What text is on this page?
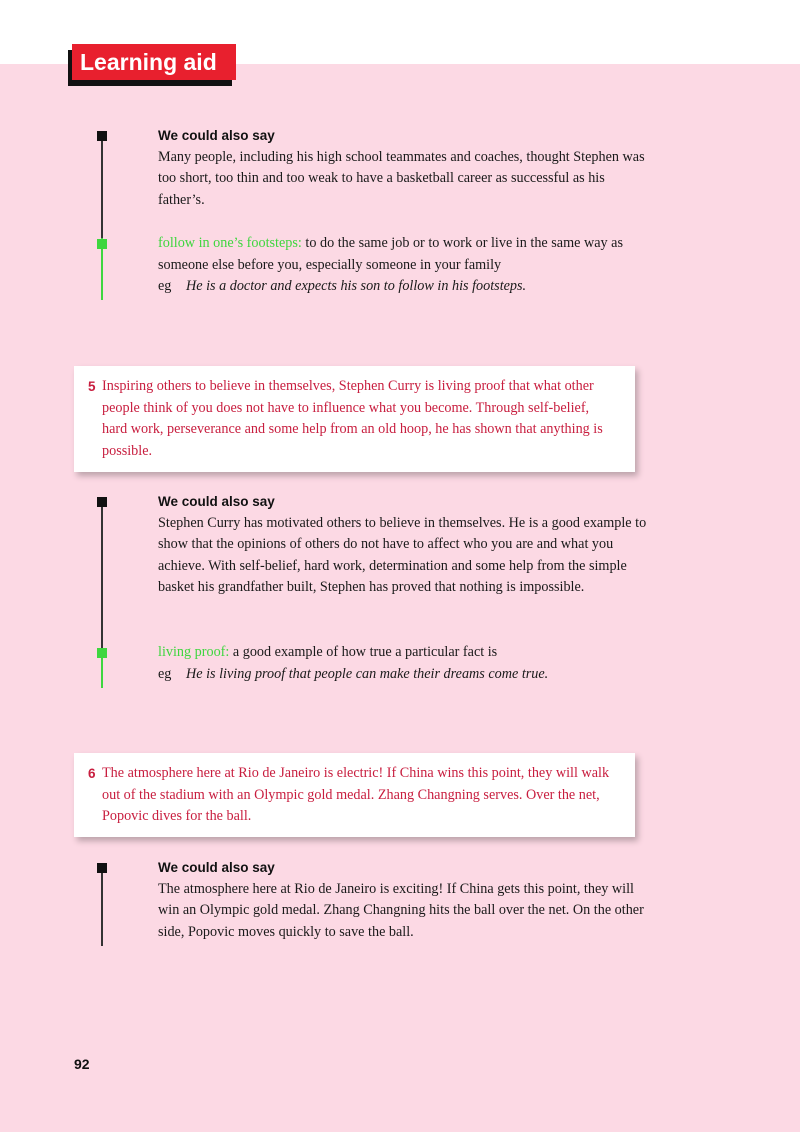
Learning aid
We could also say
Many people, including his high school teammates and coaches, thought Stephen was too short, too thin and too weak to have a basketball career as successful as his father’s.
follow in one’s footsteps: to do the same job or to work or live in the same way as someone else before you, especially someone in your family
eg He is a doctor and expects his son to follow in his footsteps.
5 Inspiring others to believe in themselves, Stephen Curry is living proof that what other people think of you does not have to influence what you become. Through self-belief, hard work, perseverance and some help from an old hoop, he has shown that anything is possible.
We could also say
Stephen Curry has motivated others to believe in themselves. He is a good example to show that the opinions of others do not have to affect who you are and what you achieve. With self-belief, hard work, determination and some help from the simple basket his grandfather built, Stephen has proved that nothing is impossible.
living proof: a good example of how true a particular fact is
eg He is living proof that people can make their dreams come true.
6 The atmosphere here at Rio de Janeiro is electric! If China wins this point, they will walk out of the stadium with an Olympic gold medal. Zhang Changning serves. Over the net, Popovic dives for the ball.
We could also say
The atmosphere here at Rio de Janeiro is exciting! If China gets this point, they will win an Olympic gold medal. Zhang Changning hits the ball over the net. On the other side, Popovic moves quickly to save the ball.
92
